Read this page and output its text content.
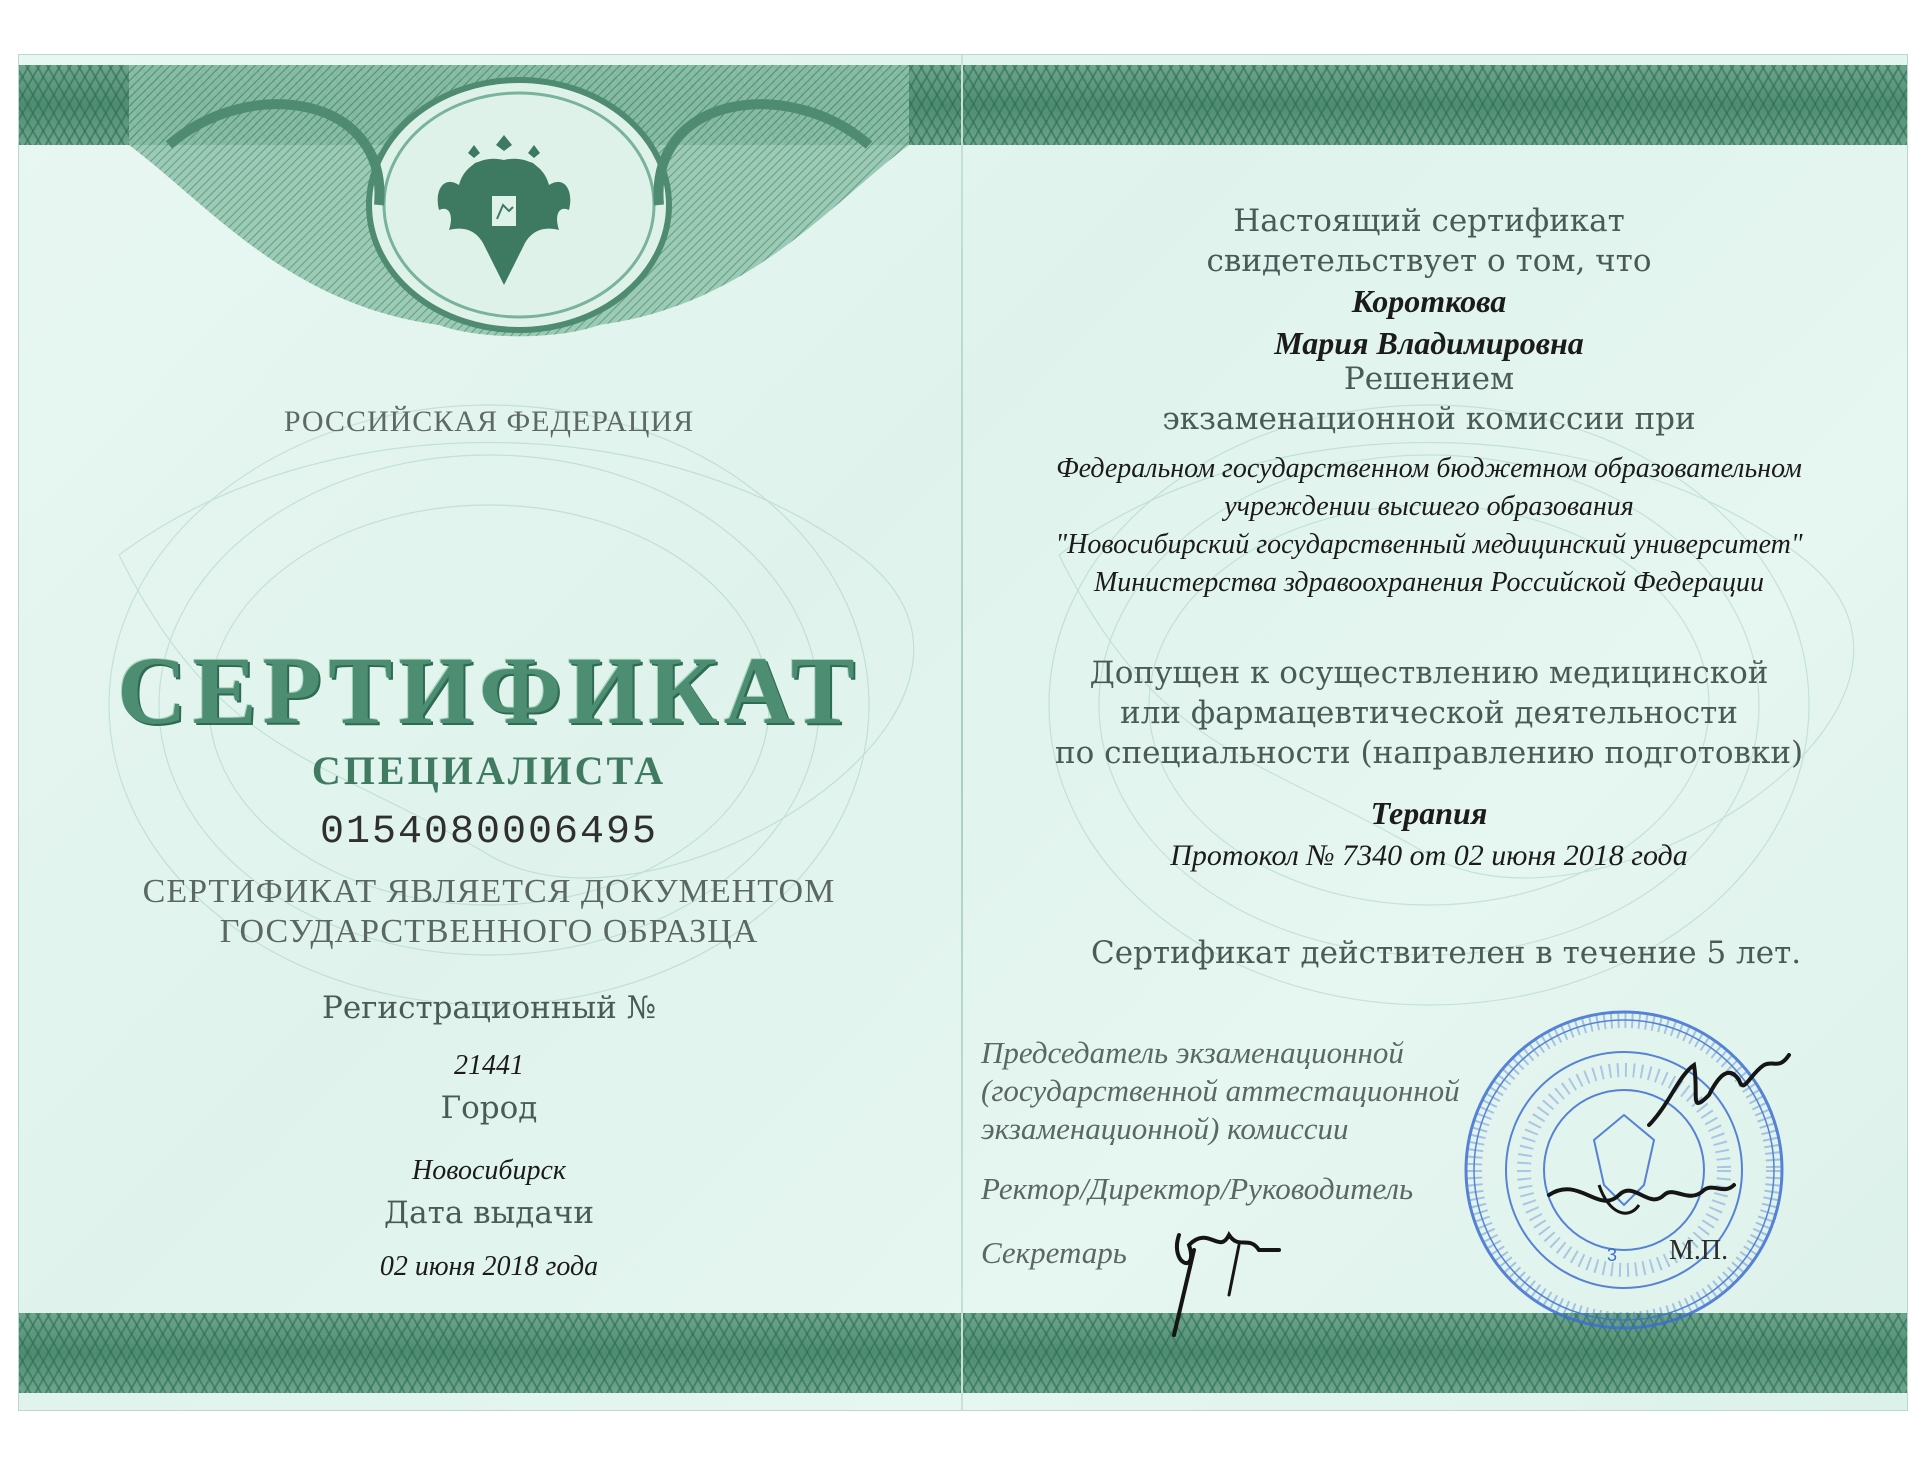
РОССИЙСКАЯ ФЕДЕРАЦИЯ
СЕРТИФИКАТ
СПЕЦИАЛИСТА
0154080006495
СЕРТИФИКАТ ЯВЛЯЕТСЯ ДОКУМЕНТОМ
ГОСУДАРСТВЕННОГО ОБРАЗЦА
Регистрационный №
21441
Город
Новосибирск
Дата выдачи
02 июня 2018 года
Настоящий сертификат
свидетельствует о том, что
Короткова
Мария Владимировна
Решением
экзаменационной комиссии при
Федеральном государственном бюджетном образовательном
учреждении высшего образования
"Новосибирский государственный медицинский университет"
Министерства здравоохранения Российской Федерации
Допущен к осуществлению медицинской
или фармацевтической деятельности
по специальности (направлению подготовки)
Терапия
Протокол № 7340 от 02 июня 2018 года
Сертификат действителен в течение 5 лет.
Председатель экзаменационной
(государственной аттестационной
экзаменационной) комиссии
Ректор/Директор/Руководитель
Секретарь	М.П.
3
